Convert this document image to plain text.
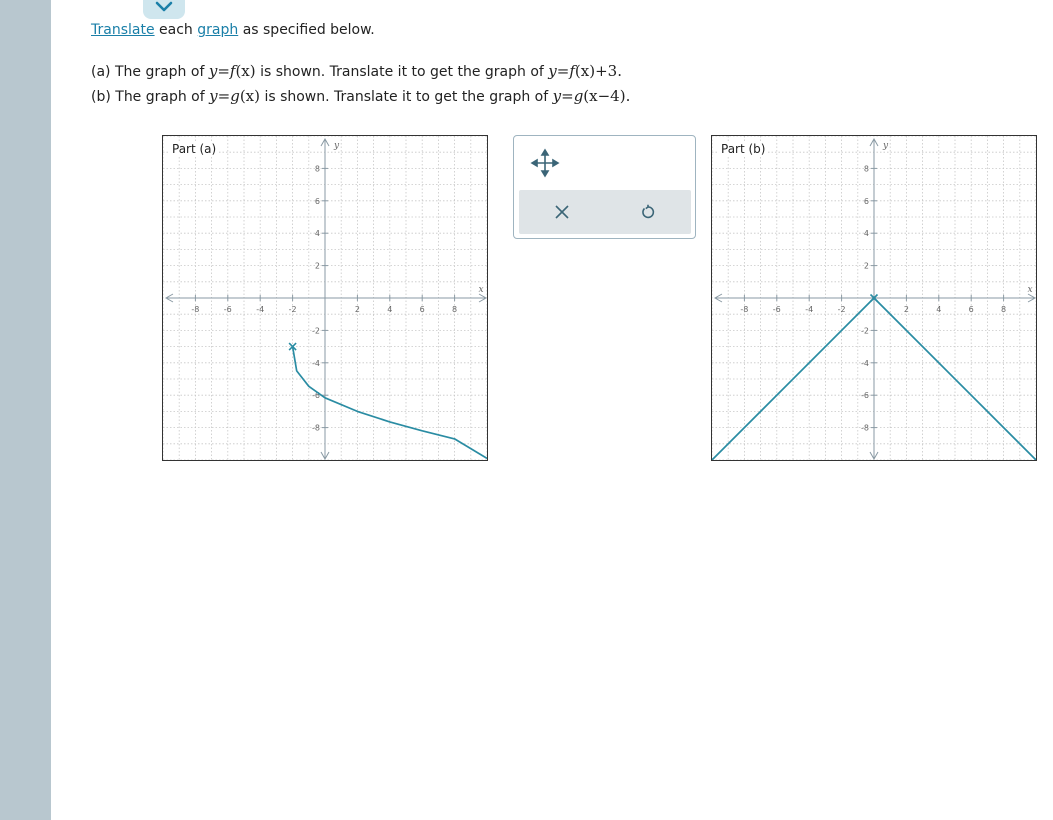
Translate each graph as specified below.
(a) The graph of y=f(x) is shown. Translate it to get the graph of y=f(x)+3.
(b) The graph of y=g(x) is shown. Translate it to get the graph of y=g(x−4).
-8	-6	-4	-2	2	4	6	8
8
6
4
2
-2
-4
-6
-8
x
y
Part (a)
-8	-6	-4	-2	2	4	6	8
8
6
4
2
-2
-4
-6
-8
x
y
Part (b)
